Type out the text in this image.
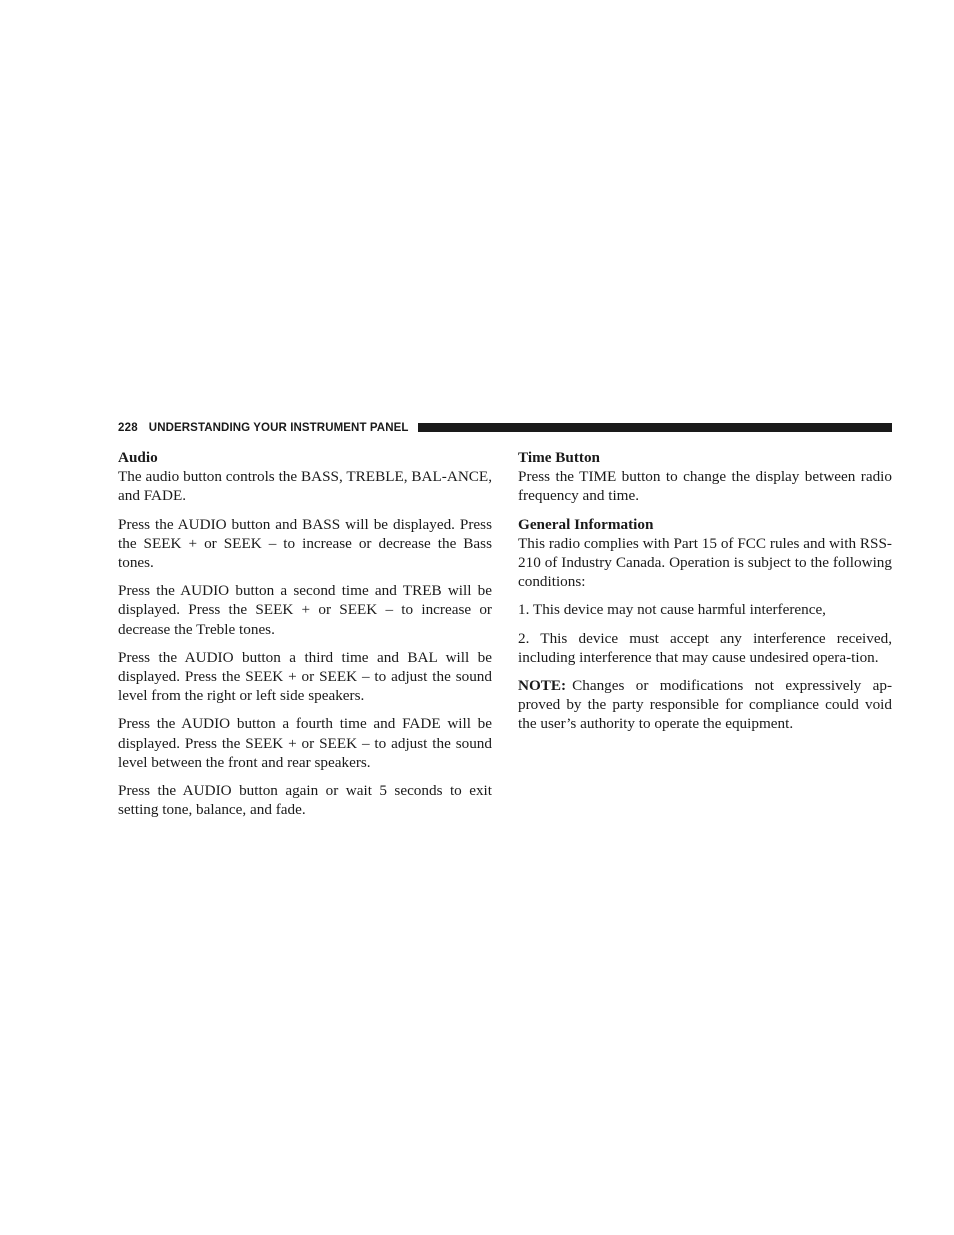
228 UNDERSTANDING YOUR INSTRUMENT PANEL
Audio

The audio button controls the BASS, TREBLE, BAL-ANCE, and FADE.

Press the AUDIO button and BASS will be displayed. Press the SEEK + or SEEK – to increase or decrease the Bass tones.

Press the AUDIO button a second time and TREB will be displayed. Press the SEEK + or SEEK – to increase or decrease the Treble tones.

Press the AUDIO button a third time and BAL will be displayed. Press the SEEK + or SEEK – to adjust the sound level from the right or left side speakers.

Press the AUDIO button a fourth time and FADE will be displayed. Press the SEEK + or SEEK – to adjust the sound level between the front and rear speakers.

Press the AUDIO button again or wait 5 seconds to exit setting tone, balance, and fade.

Time Button

Press the TIME button to change the display between radio frequency and time.

General Information

This radio complies with Part 15 of FCC rules and with RSS-210 of Industry Canada. Operation is subject to the following conditions:

1. This device may not cause harmful interference,

2. This device must accept any interference received, including interference that may cause undesired opera-tion.

NOTE: Changes or modifications not expressively ap-proved by the party responsible for compliance could void the user’s authority to operate the equipment.
